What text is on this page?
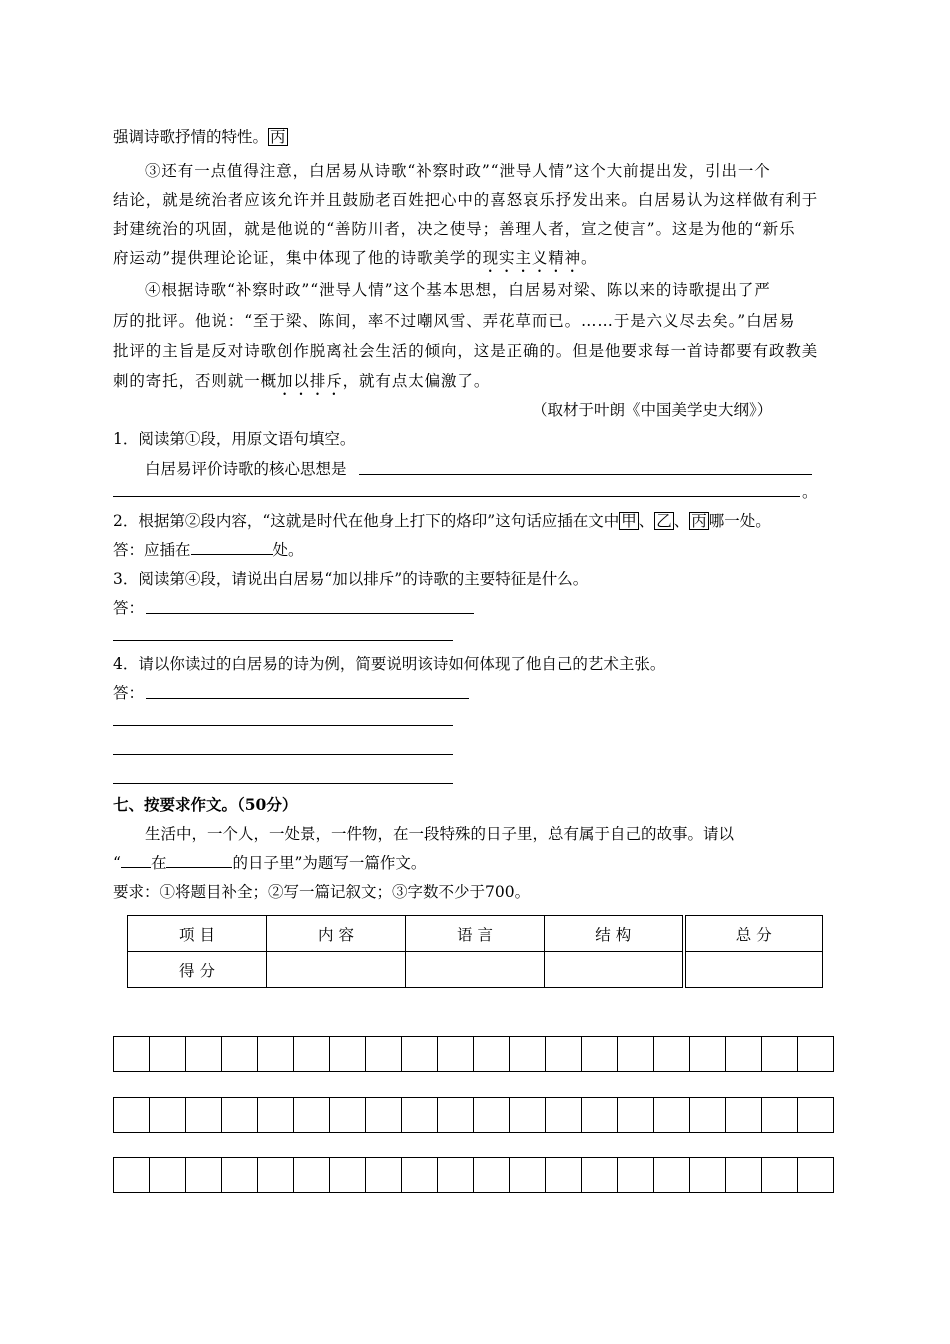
强调诗歌抒情的特性。 丙
③还有一点值得注意，白居易从诗歌“补察时政”“泄导人情”这个大前提出发，引出一个
结论，就是统治者应该允许并且鼓励老百姓把心中的喜怒哀乐抒发出来。白居易认为这样做有利于
封建统治的巩固，就是他说的“善防川者，决之使导；善理人者，宣之使言”。这是为他的“新乐
府运动”提供理论论证，集中体现了他的诗歌美学的现实主义精神。
④根据诗歌“补察时政”“泄导人情”这个基本思想，白居易对梁、陈以来的诗歌提出了严
厉的批评。他说：“至于梁、陈间，率不过嘲风雪、弄花草而已。……于是六义尽去矣。”白居易
批评的主旨是反对诗歌创作脱离社会生活的倾向，这是正确的。但是他要求每一首诗都要有政教美
刺的寄托，否则就一概加以排斥，就有点太偏激了。
（取材于叶朗《中国美学史大纲》）
1．阅读第①段，用原文语句填空。
白居易评价诗歌的核心思想是
。
2．根据第②段内容，“这就是时代在他身上打下的烙印”这句话应插在文中 甲 、 乙 、 丙 哪一处。
答：应插在	处。
3．阅读第④段，请说出白居易“加以排斥”的诗歌的主要特征是什么。
答：
4．请以你读过的白居易的诗为例，简要说明该诗如何体现了他自己的艺术主张。
答：
七、按要求作文。（50分）
生活中，一个人，一处景，一件物，在一段特殊的日子里，总有属于自己的故事。请以
“ 在	的日子里”为题写一篇作文。
要求：①将题目补全；②写一篇记叙文；③字数不少于700。
项 目	内 容	语 言	结 构	总 分
得 分				
